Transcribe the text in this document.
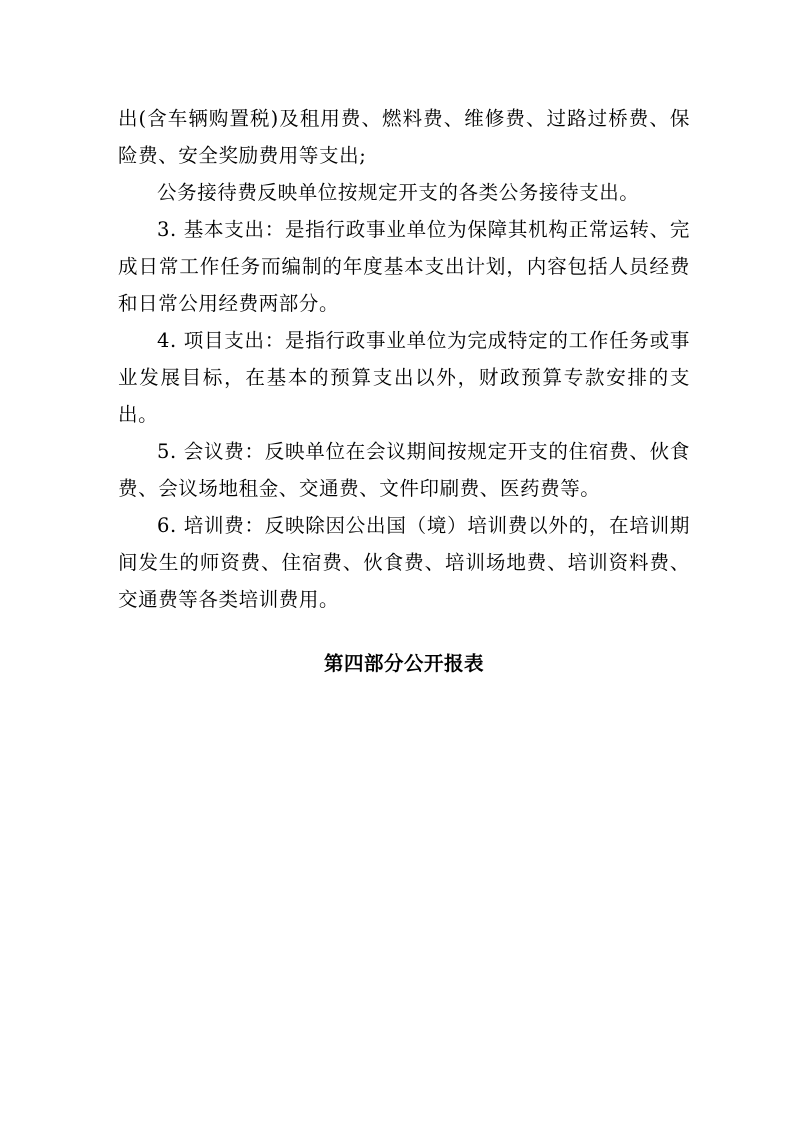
出(含车辆购置税)及租用费、燃料费、维修费、过路过桥费、保险费、安全奖励费用等支出;

公务接待费反映单位按规定开支的各类公务接待支出。

3. 基本支出：是指行政事业单位为保障其机构正常运转、完成日常工作任务而编制的年度基本支出计划，内容包括人员经费和日常公用经费两部分。

4. 项目支出：是指行政事业单位为完成特定的工作任务或事业发展目标，在基本的预算支出以外，财政预算专款安排的支出。

5. 会议费：反映单位在会议期间按规定开支的住宿费、伙食费、会议场地租金、交通费、文件印刷费、医药费等。

6. 培训费：反映除因公出国（境）培训费以外的，在培训期间发生的师资费、住宿费、伙食费、培训场地费、培训资料费、交通费等各类培训费用。

第四部分公开报表
